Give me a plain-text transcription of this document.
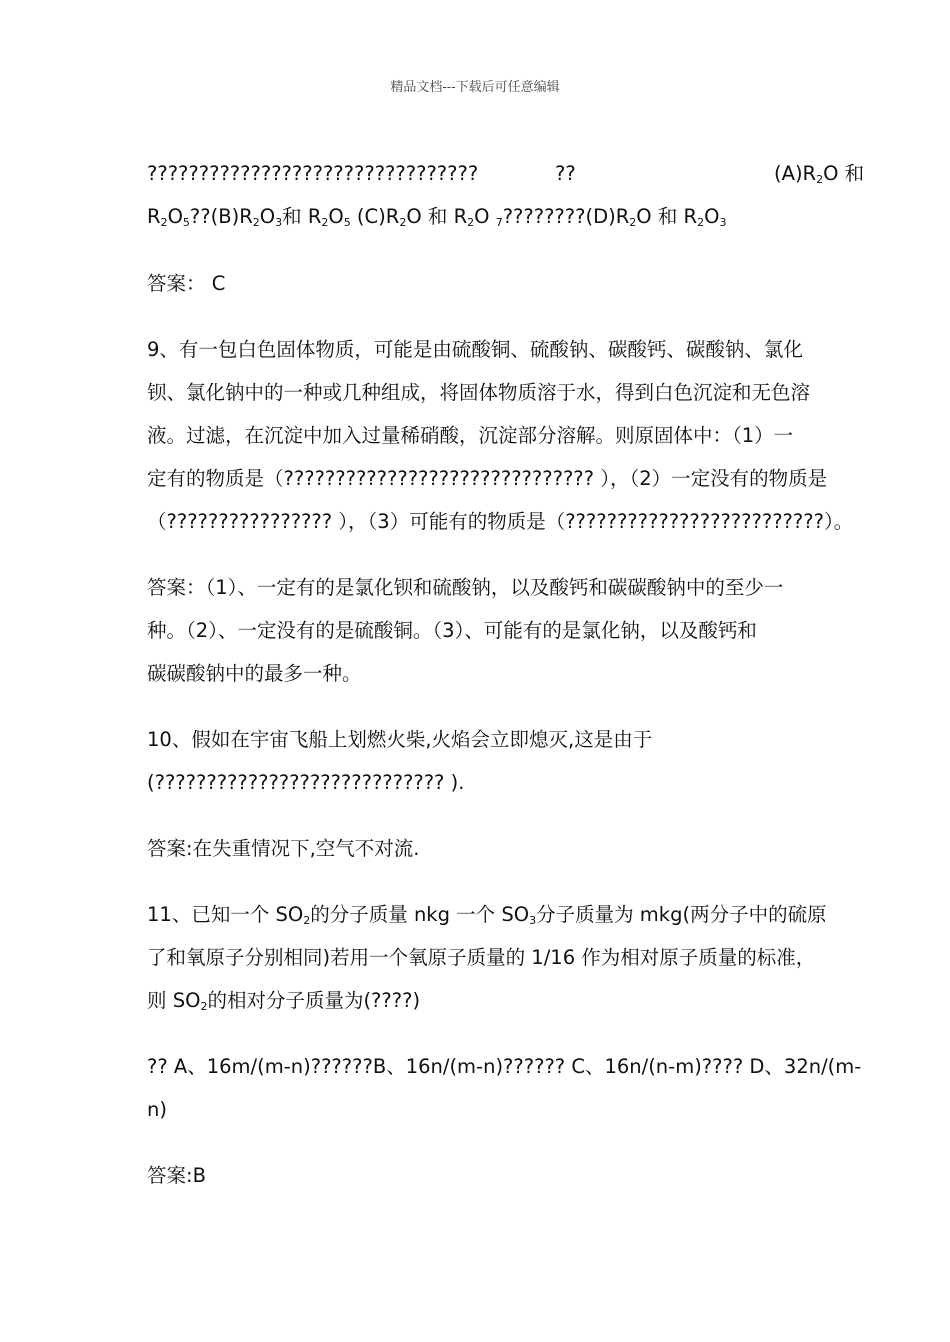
精品文档---下载后可任意编辑
????????????????????????????????	??	$(A)R_2O$ 和
$R_2O_5??(B)R_2O_3$和 $R_2O_5$ $(C)R_2O$ 和 $R_2O$ $_7????????(D)R_2O$ 和 $R_2O_3$
答案： C
9、有一包白色固体物质，可能是由硫酸铜、硫酸钠、碳酸钙、碳酸钠、氯化
钡、氯化钠中的一种或几种组成，将固体物质溶于水，得到白色沉淀和无色溶
液。过滤，在沉淀中加入过量稀硝酸，沉淀部分溶解。则原固体中：（1）一
定有的物质是（?????????????????????????????? ），（2）一定没有的物质是
（???????????????? ），（3）可能有的物质是（?????????????????????????）。
答案：（1）、一定有的是氯化钡和硫酸钠，以及酸钙和碳碳酸钠中的至少一
种。（2）、一定没有的是硫酸铜。（3）、可能有的是氯化钠，以及酸钙和
碳碳酸钠中的最多一种。
10、假如在宇宙飞船上划燃火柴,火焰会立即熄灭,这是由于
(???????????????????????????? ).
答案:在失重情况下,空气不对流.
11、已知一个 $SO_2$的分子质量 nkg 一个 $SO_3$分子质量为 mkg(两分子中的硫原
了和氧原子分别相同)若用一个氧原子质量的 1/16 作为相对原子质量的标准，
则 $SO_2$的相对分子质量为(????)
?? A、16m/(m-n)??????B、16n/(m-n)?????? C、16n/(n-m)???? D、32n/(m-
n)
答案:B
